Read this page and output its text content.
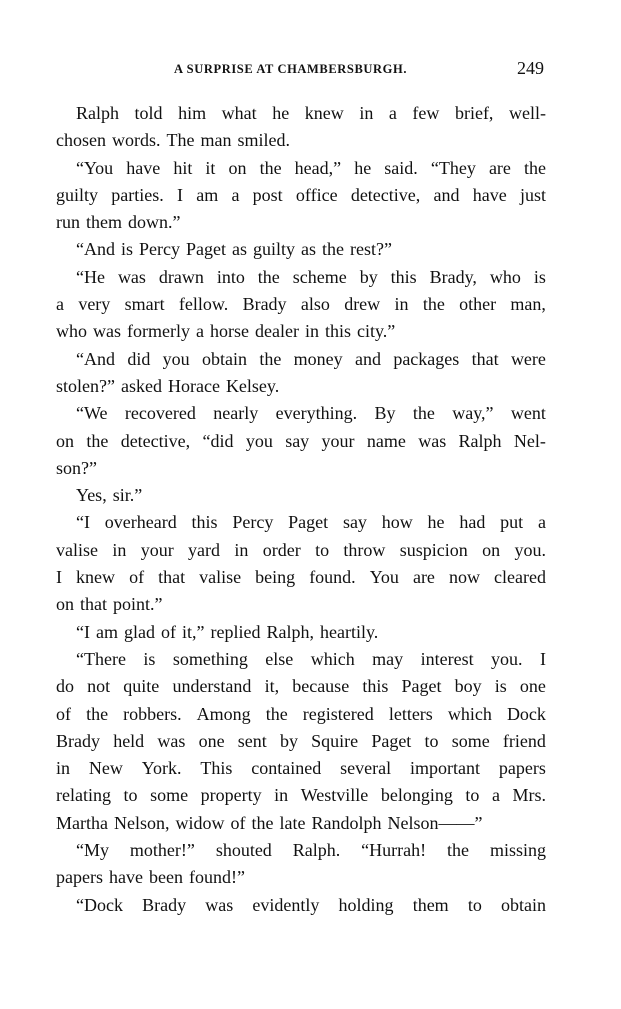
A SURPRISE AT CHAMBERSBURGH.	249
Ralph told him what he knew in a few brief, well-
chosen words. The man smiled.
“You have hit it on the head,” he said. “They are the
guilty parties. I am a post office detective, and have just
run them down.”
“And is Percy Paget as guilty as the rest?”
“He was drawn into the scheme by this Brady, who is
a very smart fellow. Brady also drew in the other man,
who was formerly a horse dealer in this city.”
“And did you obtain the money and packages that were
stolen?” asked Horace Kelsey.
“We recovered nearly everything. By the way,” went
on the detective, “did you say your name was Ralph Nel-
son?”
Yes, sir.”
“I overheard this Percy Paget say how he had put a
valise in your yard in order to throw suspicion on you.
I knew of that valise being found. You are now cleared
on that point.”
“I am glad of it,” replied Ralph, heartily.
“There is something else which may interest you. I
do not quite understand it, because this Paget boy is one
of the robbers. Among the registered letters which Dock
Brady held was one sent by Squire Paget to some friend
in New York. This contained several important papers
relating to some property in Westville belonging to a Mrs.
Martha Nelson, widow of the late Randolph Nelson——”
“My mother!” shouted Ralph. “Hurrah! the missing
papers have been found!”
“Dock Brady was evidently holding them to obtain
